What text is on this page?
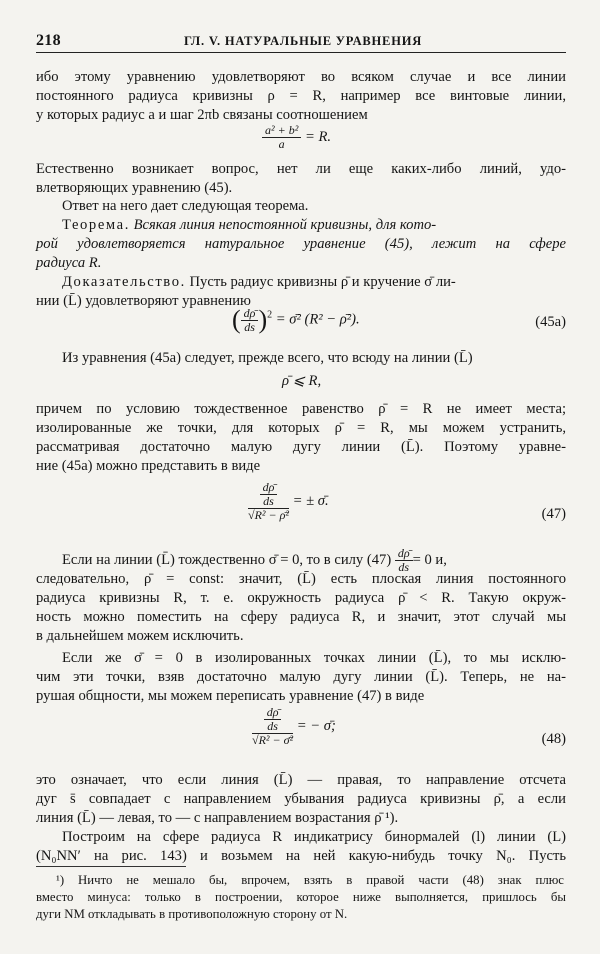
218	ГЛ. V. НАТУРАЛЬНЫЕ УРАВНЕНИЯ
ибо этому уравнению удовлетворяют во всяком случае и все линии
постоянного радиуса кривизны ρ = R, например все винтовые линии,
у которых радиус a и шаг 2πb связаны соотношением
$\frac{\text{a² + b²}}{a} = R$.
Естественно возникает вопрос, нет ли еще каких-либо линий, удо-
влетворяющих уравнению (45).
Ответ на него дает следующая теорема.
Теорема. Всякая линия непостоянной кривизны, для кото-
рой удовлетворяется натуральное уравнение (45), лежит на сфере
радиуса R.
Доказательство. Пусть радиус кривизны ρ̄ и кручение σ̄ ли-
нии (L̄) удовлетворяют уравнению
( $\frac{d\rhō}{ds} )^2$ = σ̄² (R² − ρ̄²).	(45а)
Из уравнения (45а) следует, прежде всего, что всюду на линии (L̄)
ρ̄ ⩽ R,
причем по условию тождественное равенство ρ̄ = R не имеет места;
изолированные же точки, для которых ρ̄ = R, мы можем устранить,
рассматривая достаточно малую дугу линии (L̄). Поэтому уравне-
ние (45а) можно представить в виде
$\frac{\frac{d\rhō}{ds}}{\text{√R² − ρ̄²}}$ = ± σ̄.
(47)
Если на линии (L̄) тождественно σ̄ = 0, то в силу $(47) \frac{d\rhō}{ds} = 0$ и,
следовательно, ρ̄ = const: значит, (L̄) есть плоская линия постоянного
радиуса кривизны R, т. е. окружность радиуса ρ̄ < R. Такую окруж-
ность можно поместить на сферу радиуса R, и значит, этот случай мы
в дальнейшем можем исключить.
Если же σ̄ = 0 в изолированных точках линии (L̄), то мы исклю-
чим эти точки, взяв достаточно малую дугу линии (L̄). Теперь, не на-
рушая общности, мы можем переписать уравнение (47) в виде
$\frac{\frac{d\rhō}{ds}}{\text{√R² − σ̄²}}$ = − σ̄;
(48)
это означает, что если линия (L̄) — правая, то направление отсчета
дуг s̄ совпадает с направлением убывания радиуса кривизны ρ̄, а если
линия (L̄) — левая, то — с направлением возрастания ρ̄ ¹).
Построим на сфере радиуса R индикатрису бинормалей (l) линии (L)
(N₀NN′ на рис. 143) и возьмем на ней какую-нибудь точку N₀. Пусть
¹) Ничто не мешало бы, впрочем, взять в правой части (48) знак плюс
вместо минуса: только в построении, которое ниже выполняется, пришлось бы
дуги NM откладывать в противоположную сторону от N.
